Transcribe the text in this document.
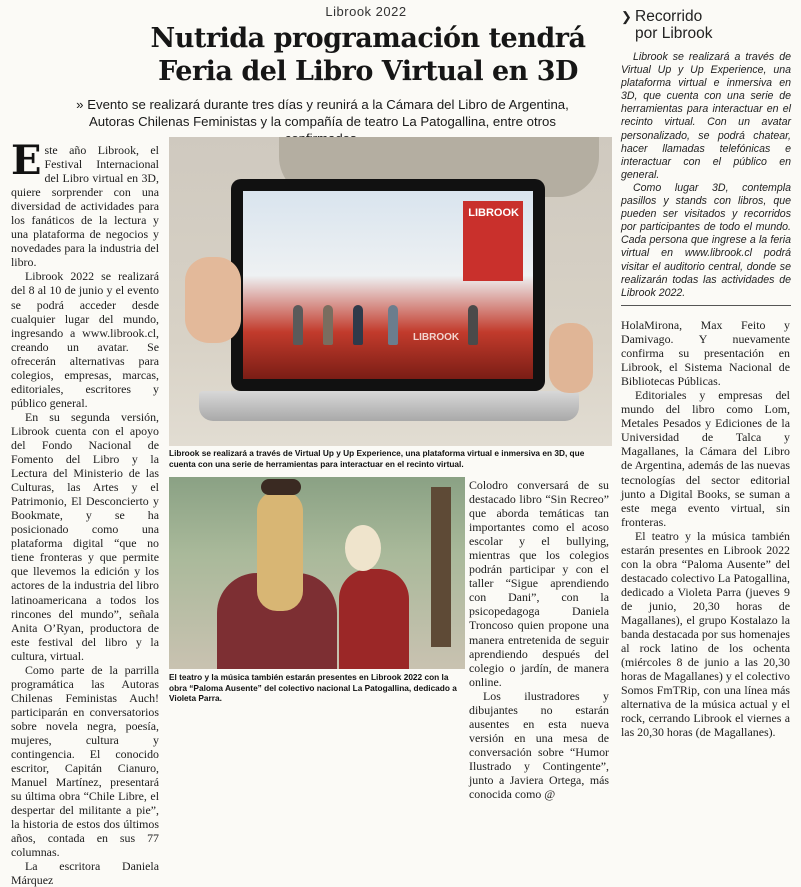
Librook 2022
Nutrida programación tendrá
Feria del Libro Virtual en 3D
» Evento se realizará durante tres días y reunirá a la Cámara del Libro de Argentina, Autoras Chilenas Feministas y la compañía de teatro La Patogallina, entre otros
❯ Recorrido
por Librook

Librook se realizará a través de Virtual Up y Up Experience, una plataforma virtual e inmersiva en 3D, que cuenta con una serie de herramientas para interactuar en el recinto virtual. Con un avatar personalizado, se podrá chatear, hacer llamadas telefónicas e interactuar con el público en general.

Como lugar 3D, contempla pasillos y stands con libros, que pueden ser visitados y recorridos por participantes de todo el mundo. Cada persona que ingrese a la feria virtual en www.librook.cl podrá visitar el auditorio central, donde se realizarán todas las actividades de Librook 2022.

Este año Librook, el Festival Internacional del Libro virtual en 3D, quiere sorprender con una diversidad de actividades para los fanáticos de la lectura y una plataforma de negocios y novedades para la industria del libro.

Librook 2022 se realizará del 8 al 10 de junio y el evento se podrá acceder desde cualquier lugar del mundo, ingresando a www.librook.cl, creando un avatar. Se ofrecerán alternativas para colegios, empresas, marcas, editoriales, escritores y público general.

En su segunda versión, Librook cuenta con el apoyo del Fondo Nacional de Fomento del Libro y la Lectura del Ministerio de las Culturas, las Artes y el Patrimonio, El Desconcierto y Bookmate, y se ha posicionado como una plataforma digital “que no tiene fronteras y que permite que llevemos la edición y los actores de la industria del libro latinoamericana a todos los rincones del mundo”, señala Anita O’Ryan, productora de este festival del libro y la cultura, virtual.

Como parte de la parrilla programática las Autoras Chilenas Feministas Auch! participarán en conversatorios sobre novela negra, poesía, mujeres, cultura y contingencia. El conocido escritor, Capitán Cianuro, Manuel Martínez, presentará su última obra “Chile Libre, el despertar del militante a pie”, la historia de estos dos últimos años, contada en sus 77 columnas.

La escritora Daniela Márquez

LIBROOK
LIBROOK
Librook se realizará a través de Virtual Up y Up Experience, una plataforma virtual e inmersiva en 3D, que cuenta con una serie de herramientas para interactuar en el recinto virtual.
El teatro y la música también estarán presentes en Librook 2022 con la obra “Paloma Ausente” del colectivo nacional La Patogallina, dedicado a Violeta Parra.

Colodro conversará de su destacado libro “Sin Recreo” que aborda temáticas tan importantes como el acoso escolar y el bullying, mientras que los colegios podrán participar y con el taller “Sigue aprendiendo con Dani”, con la psicopedagoga Daniela Troncoso quien propone una manera entretenida de seguir aprendiendo después del colegio o jardín, de manera online.

Los ilustradores y dibujantes no estarán ausentes en esta nueva versión en una mesa de conversación sobre “Humor Ilustrado y Contingente”, junto a Javiera Ortega, más conocida como @

HolaMirona, Max Feito y Damivago. Y nuevamente confirma su presentación en Librook, el Sistema Nacional de Bibliotecas Públicas.

Editoriales y empresas del mundo del libro como Lom, Metales Pesados y Ediciones de la Universidad de Talca y Magallanes, la Cámara del Libro de Argentina, además de las nuevas tecnologías del sector editorial junto a Digital Books, se suman a este mega evento virtual, sin fronteras.

El teatro y la música también estarán presentes en Librook 2022 con la obra “Paloma Ausente” del destacado colectivo La Patogallina, dedicado a Violeta Parra (jueves 9 de junio, 20,30 horas de Magallanes), el grupo Kostalazo la banda destacada por sus homenajes al rock latino de los ochenta (miércoles 8 de junio a las 20,30 horas de Magallanes) y el colectivo Somos FmTRip, con una línea más alternativa de la música actual y el rock, cerrando Librook el viernes a las 20,30 horas (de Magallanes).
